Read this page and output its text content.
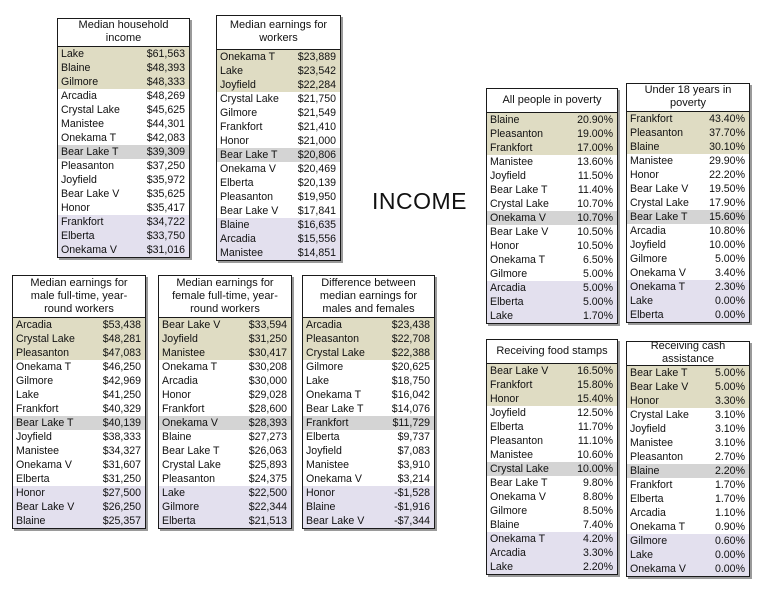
INCOME
Median household income
Lake	$61,563
Blaine	$48,393
Gilmore	$48,333
Arcadia	$48,269
Crystal Lake	$45,625
Manistee	$44,301
Onekama T	$42,083
Bear Lake T	$39,309
Pleasanton	$37,250
Joyfield	$35,972
Bear Lake V	$35,625
Honor	$35,417
Frankfort	$34,722
Elberta	$33,750
Onekama V	$31,016
Median earnings for workers
Onekama T $23,889
Lake	$23,542
Joyfield	$22,284
Crystal Lake $21,750
Gilmore	$21,549
Frankfort	$21,410
Honor	$21,000
Bear Lake T $20,806
Onekama V $20,469
Elberta	$20,139
Pleasanton $19,950
Bear Lake V $17,841
Blaine	$16,635
Arcadia	$15,556
Manistee	$14,851
Median earnings for male full-time, year-round workers
Arcadia	$53,438
Crystal Lake	$48,281
Pleasanton	$47,083
Onekama T	$46,250
Gilmore	$42,969
Lake	$41,250
Frankfort	$40,329
Bear Lake T	$40,139
Joyfield	$38,333
Manistee	$34,327
Onekama V	$31,607
Elberta	$31,250
Honor	$27,500
Bear Lake V	$26,250
Blaine	$25,357
Median earnings for female full-time, year-round workers
Bear Lake V	$33,594
Joyfield	$31,250
Manistee	$30,417
Onekama T	$30,208
Arcadia	$30,000
Honor	$29,028
Frankfort	$28,600
Onekama V	$28,393
Blaine	$27,273
Bear Lake T	$26,063
Crystal Lake	$25,893
Pleasanton	$24,375
Lake	$22,500
Gilmore	$22,344
Elberta	$21,513
Difference between median earnings for males and females
Arcadia	$23,438
Pleasanton	$22,708
Crystal Lake	$22,388
Gilmore	$20,625
Lake	$18,750
Onekama T	$16,042
Bear Lake T	$14,076
Frankfort	$11,729
Elberta	$9,737
Joyfield	$7,083
Manistee	$3,910
Onekama V	$3,214
Honor	-$1,528
Blaine	-$1,916
Bear Lake V	-$7,344
All people in poverty
Blaine	20.90%
Pleasanton	19.00%
Frankfort	17.00%
Manistee	13.60%
Joyfield	11.50%
Bear Lake T	11.40%
Crystal Lake	10.70%
Onekama V	10.70%
Bear Lake V	10.50%
Honor	10.50%
Onekama T	6.50%
Gilmore	5.00%
Arcadia	5.00%
Elberta	5.00%
Lake	1.70%
Under 18 years in poverty
Frankfort	43.40%
Pleasanton 37.70%
Blaine	30.10%
Manistee	29.90%
Honor	22.20%
Bear Lake V 19.50%
Crystal Lake 17.90%
Bear Lake T 15.60%
Arcadia	10.80%
Joyfield	10.00%
Gilmore	5.00%
Onekama V	3.40%
Onekama T	2.30%
Lake	0.00%
Elberta	0.00%
Receiving food stamps
Bear Lake V	16.50%
Frankfort	15.80%
Honor	15.40%
Joyfield	12.50%
Elberta	11.70%
Pleasanton	11.10%
Manistee	10.60%
Crystal Lake	10.00%
Bear Lake T	9.80%
Onekama V	8.80%
Gilmore	8.50%
Blaine	7.40%
Onekama T	4.20%
Arcadia	3.30%
Lake	2.20%
Receiving cash assistance
Bear Lake T	5.00%
Bear Lake V	5.00%
Honor	3.30%
Crystal Lake 3.10%
Joyfield	3.10%
Manistee	3.10%
Pleasanton	2.70%
Blaine	2.20%
Frankfort	1.70%
Elberta	1.70%
Arcadia	1.10%
Onekama T	0.90%
Gilmore	0.60%
Lake	0.00%
Onekama V	0.00%
